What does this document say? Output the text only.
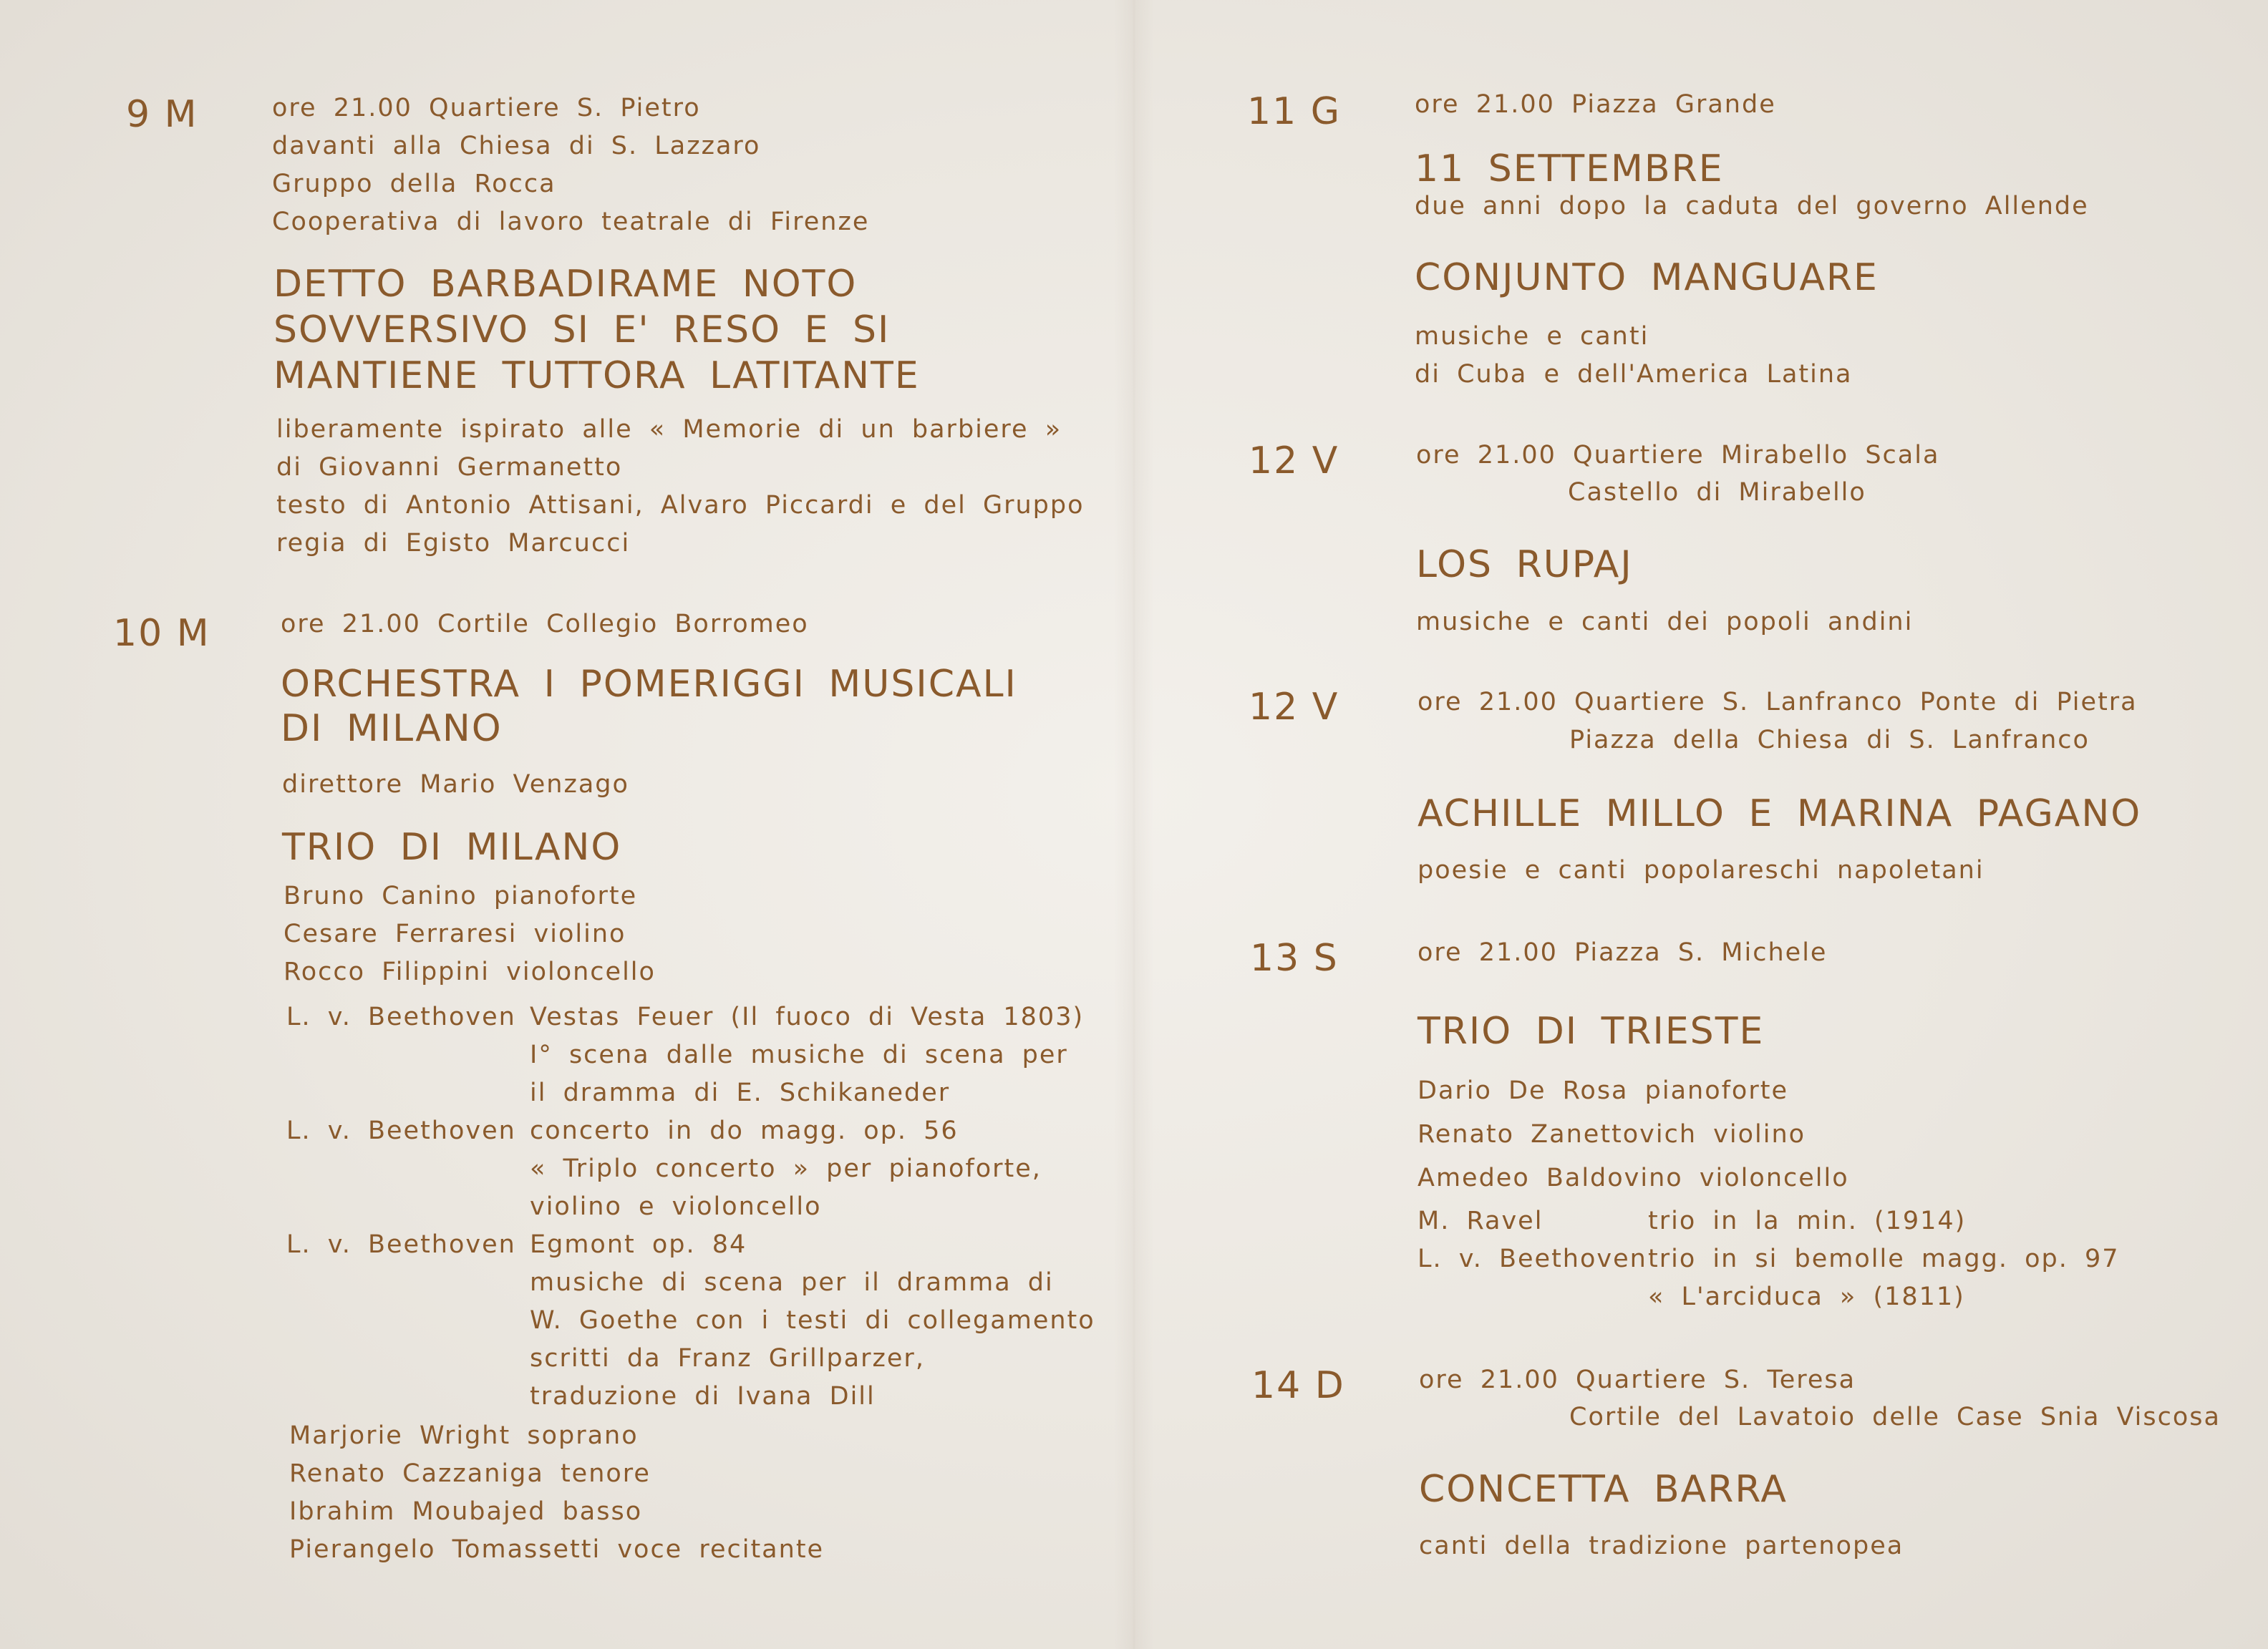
9 M	ore 21.00 Quartiere S. Pietro
davanti alla Chiesa di S. Lazzaro
Gruppo della Rocca
Cooperativa di lavoro teatrale di Firenze
DETTO BARBADIRAME NOTO
SOVVERSIVO SI E' RESO E SI
MANTIENE TUTTORA LATITANTE
liberamente ispirato alle « Memorie di un barbiere »
di Giovanni Germanetto
testo di Antonio Attisani, Alvaro Piccardi e del Gruppo
regia di Egisto Marcucci
10 M	ore 21.00 Cortile Collegio Borromeo
ORCHESTRA I POMERIGGI MUSICALI
DI MILANO
direttore Mario Venzago
TRIO DI MILANO
Bruno Canino pianoforte
Cesare Ferraresi violino
Rocco Filippini violoncello
L. v. Beethoven Vestas Feuer (Il fuoco di Vesta 1803)
I° scena dalle musiche di scena per
il dramma di E. Schikaneder
L. v. Beethoven concerto in do magg. op. 56
« Triplo concerto » per pianoforte,
violino e violoncello
L. v. Beethoven Egmont op. 84
musiche di scena per il dramma di
W. Goethe con i testi di collegamento
scritti da Franz Grillparzer,
traduzione di Ivana Dill
Marjorie Wright soprano
Renato Cazzaniga tenore
Ibrahim Moubajed basso
Pierangelo Tomassetti voce recitante
11 G	ore 21.00 Piazza Grande
11 SETTEMBRE
due anni dopo la caduta del governo Allende
CONJUNTO MANGUARE
musiche e canti
di Cuba e dell'America Latina
12 V	ore 21.00 Quartiere Mirabello Scala
Castello di Mirabello
LOS RUPAJ
musiche e canti dei popoli andini
12 V	ore 21.00 Quartiere S. Lanfranco Ponte di Pietra
Piazza della Chiesa di S. Lanfranco
ACHILLE MILLO E MARINA PAGANO
poesie e canti popolareschi napoletani
13 S	ore 21.00 Piazza S. Michele
TRIO DI TRIESTE
Dario De Rosa pianoforte
Renato Zanettovich violino
Amedeo Baldovino violoncello
M. Ravel	trio in la min. (1914)
L. v. Beethoven trio in si bemolle magg. op. 97
« L'arciduca » (1811)
14 D	ore 21.00 Quartiere S. Teresa
Cortile del Lavatoio delle Case Snia Viscosa
CONCETTA BARRA
canti della tradizione partenopea
